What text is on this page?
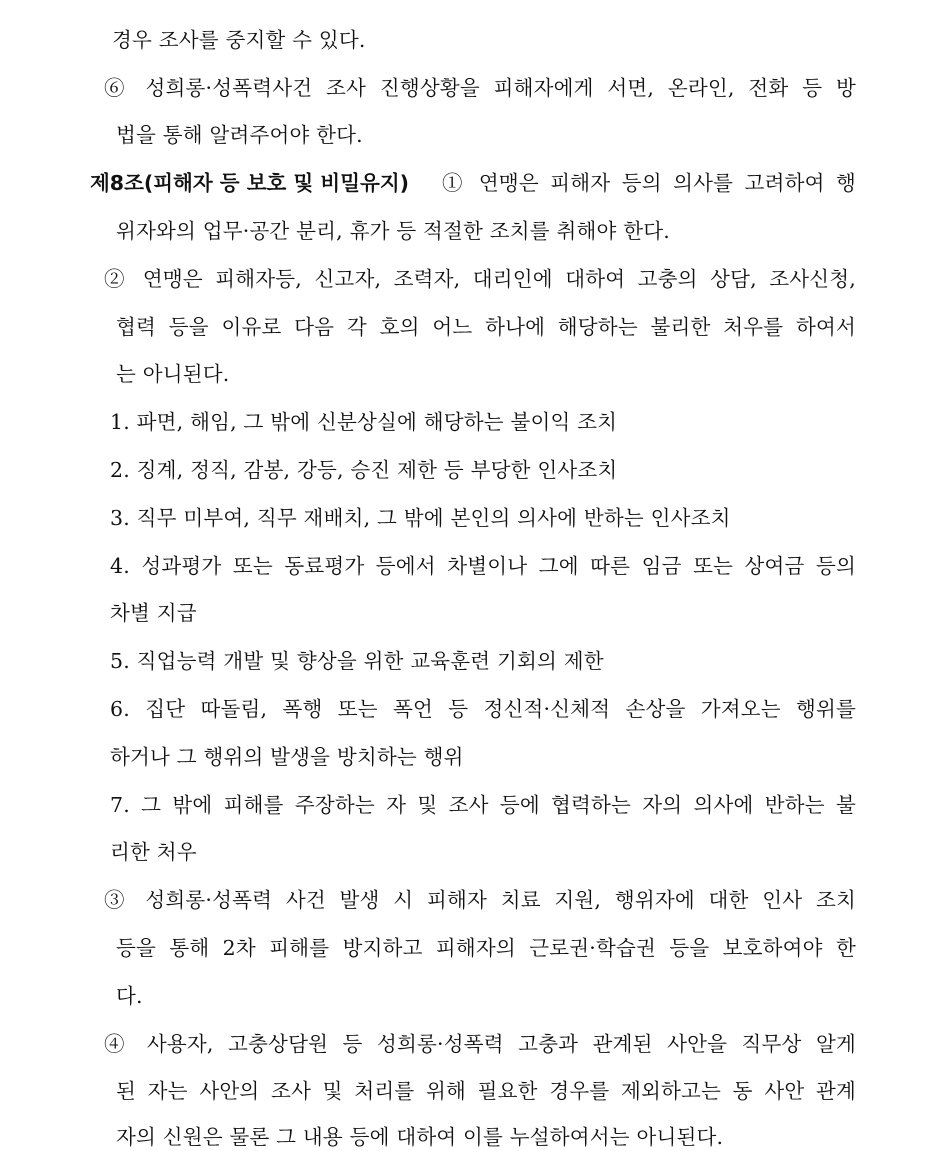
경우 조사를 중지할 수 있다.
⑥ 성희롱·성폭력사건 조사 진행상황을 피해자에게 서면, 온라인, 전화 등 방
법을 통해 알려주어야 한다.
제8조(피해자 등 보호 및 비밀유지) ① 연맹은 피해자 등의 의사를 고려하여 행
위자와의 업무·공간 분리, 휴가 등 적절한 조치를 취해야 한다.
② 연맹은 피해자등, 신고자, 조력자, 대리인에 대하여 고충의 상담, 조사신청,
협력 등을 이유로 다음 각 호의 어느 하나에 해당하는 불리한 처우를 하여서
는 아니된다.
1. 파면, 해임, 그 밖에 신분상실에 해당하는 불이익 조치
2. 징계, 정직, 감봉, 강등, 승진 제한 등 부당한 인사조치
3. 직무 미부여, 직무 재배치, 그 밖에 본인의 의사에 반하는 인사조치
4. 성과평가 또는 동료평가 등에서 차별이나 그에 따른 임금 또는 상여금 등의
차별 지급
5. 직업능력 개발 및 향상을 위한 교육훈련 기회의 제한
6. 집단 따돌림, 폭행 또는 폭언 등 정신적·신체적 손상을 가져오는 행위를
하거나 그 행위의 발생을 방치하는 행위
7. 그 밖에 피해를 주장하는 자 및 조사 등에 협력하는 자의 의사에 반하는 불
리한 처우
③ 성희롱·성폭력 사건 발생 시 피해자 치료 지원, 행위자에 대한 인사 조치
등을 통해 2차 피해를 방지하고 피해자의 근로권·학습권 등을 보호하여야 한
다.
④ 사용자, 고충상담원 등 성희롱·성폭력 고충과 관계된 사안을 직무상 알게
된 자는 사안의 조사 및 처리를 위해 필요한 경우를 제외하고는 동 사안 관계
자의 신원은 물론 그 내용 등에 대하여 이를 누설하여서는 아니된다.
